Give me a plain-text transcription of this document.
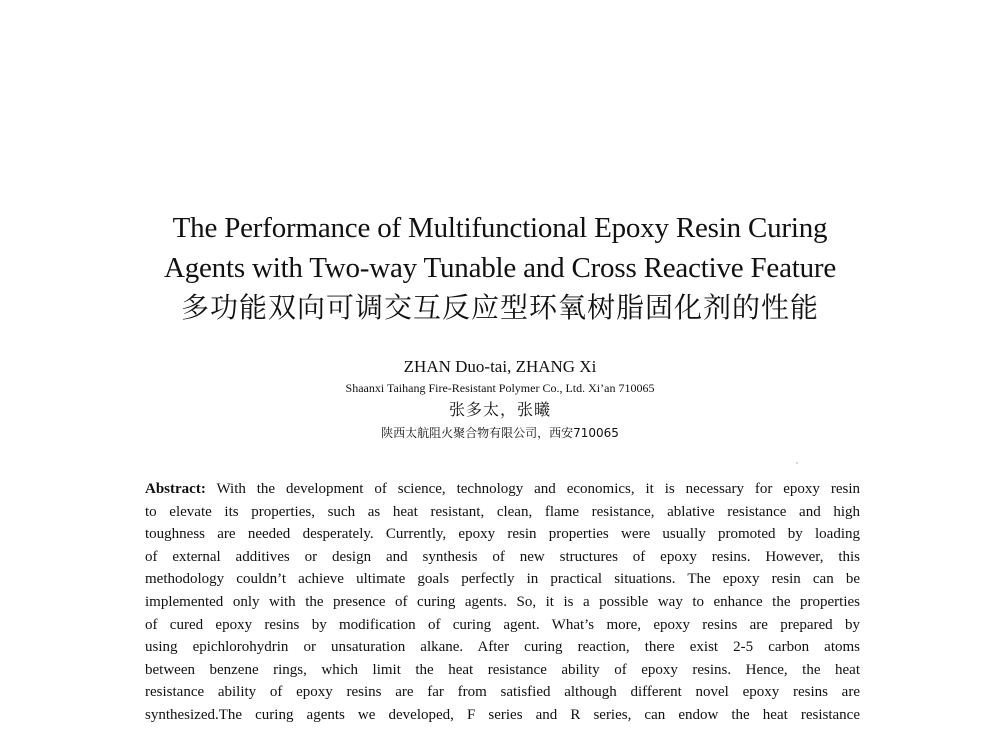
The Performance of Multifunctional Epoxy Resin Curing

Agents with Two-way Tunable and Cross Reactive Feature

多功能双向可调交互反应型环氧树脂固化剂的性能

ZHAN Duo-tai, ZHANG Xi

Shaanxi Taihang Fire-Resistant Polymer Co., Ltd. Xi’an 710065

张多太，张曦

陕西太航阻火聚合物有限公司，西安710065

Abstract: With the development of science, technology and economics, it is necessary for epoxy resin
to elevate its properties, such as heat resistant, clean, flame resistance, ablative resistance and high
toughness are needed desperately. Currently, epoxy resin properties were usually promoted by loading
of external additives or design and synthesis of new structures of epoxy resins. However, this
methodology couldn’t achieve ultimate goals perfectly in practical situations. The epoxy resin can be
implemented only with the presence of curing agents. So, it is a possible way to enhance the properties
of cured epoxy resins by modification of curing agent. What’s more, epoxy resins are prepared by
using epichlorohydrin or unsaturation alkane. After curing reaction, there exist 2-5 carbon atoms
between benzene rings, which limit the heat resistance ability of epoxy resins. Hence, the heat
resistance ability of epoxy resins are far from satisfied although different novel epoxy resins are
synthesized.The curing agents we developed, F series and R series, can endow the heat resistance
